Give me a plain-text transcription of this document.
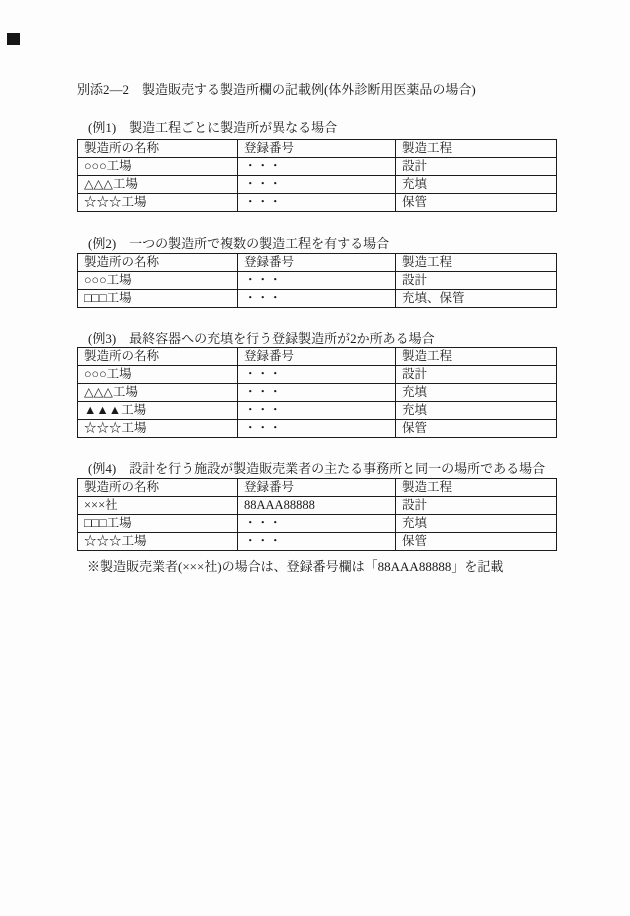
別添2—2　製造販売する製造所欄の記載例(体外診断用医薬品の場合)
(例1)　製造工程ごとに製造所が異なる場合
製造所の名称	登録番号	製造工程
○○○工場	・・・	設計
△△△工場	・・・	充填
☆☆☆工場	・・・	保管
(例2)　一つの製造所で複数の製造工程を有する場合
製造所の名称	登録番号	製造工程
○○○工場	・・・	設計
□□□工場	・・・	充填、保管
(例3)　最終容器への充填を行う登録製造所が2か所ある場合
製造所の名称	登録番号	製造工程
○○○工場	・・・	設計
△△△工場	・・・	充填
▲▲▲工場	・・・	充填
☆☆☆工場	・・・	保管
(例4)　設計を行う施設が製造販売業者の主たる事務所と同一の場所である場合
製造所の名称	登録番号	製造工程
×××社	88AAA88888	設計
□□□工場	・・・	充填
☆☆☆工場	・・・	保管
※製造販売業者(×××社)の場合は、登録番号欄は「88AAA88888」を記載
